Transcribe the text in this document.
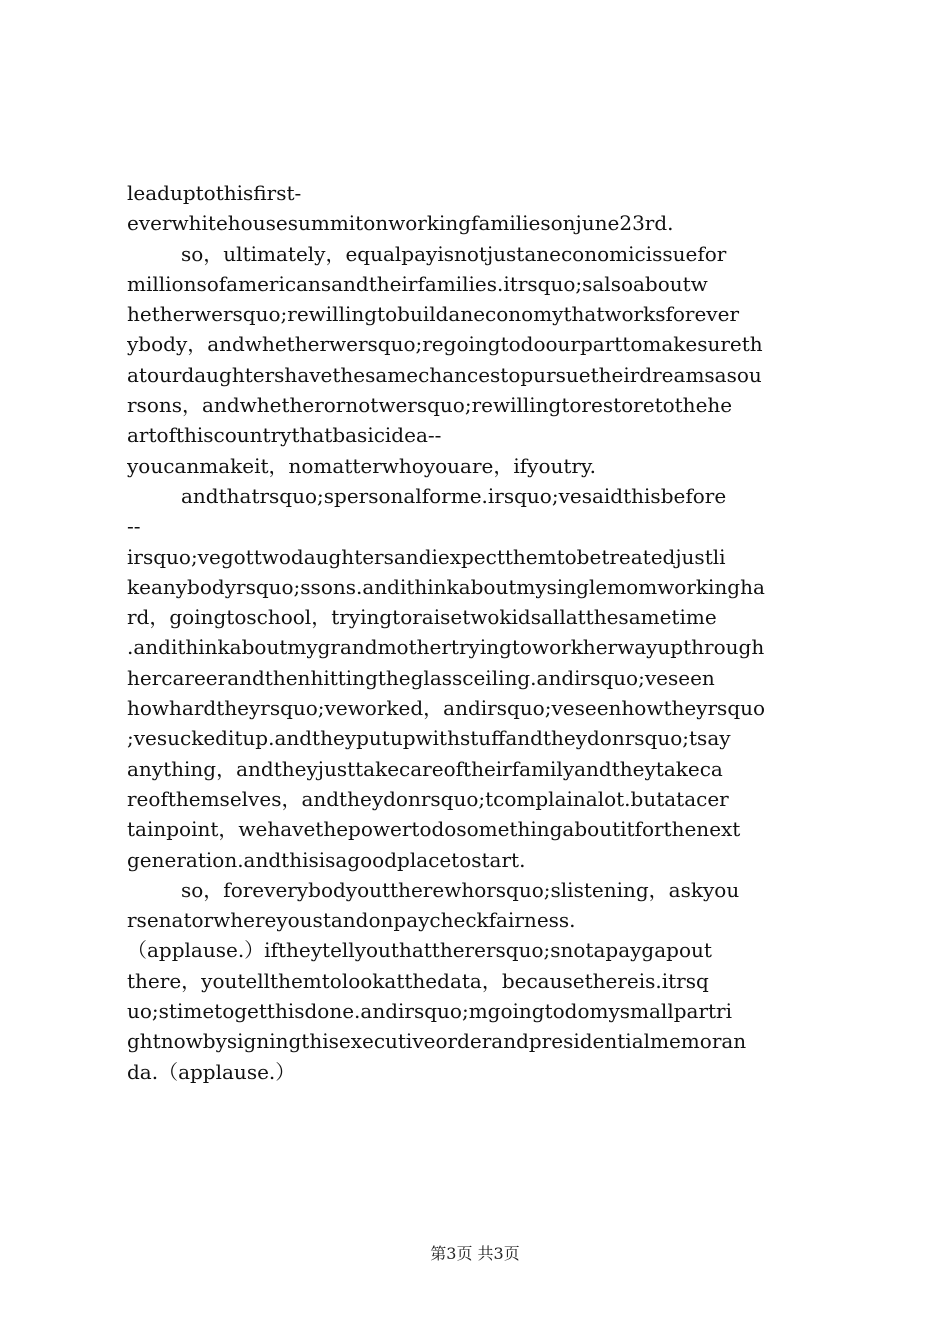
leaduptothisfirst-
everwhitehousesummitonworkingfamiliesonjune23rd.
so，ultimately，equalpayisnotjustaneconomicissuefor
millionsofamericansandtheirfamilies.itrsquo;salsoaboutw
hetherwersquo;rewillingtobuildaneconomythatworksforever
ybody，andwhetherwersquo;regoingtodoourparttomakesureth
atourdaughtershavethesamechancestopursuetheirdreamsasou
rsons，andwhetherornotwersquo;rewillingtorestoretothehe
artofthiscountrythatbasicidea--
youcanmakeit，nomatterwhoyouare，ifyoutry.
andthatrsquo;spersonalforme.irsquo;vesaidthisbefore
--
irsquo;vegottwodaughtersandiexpectthemtobetreatedjustli
keanybodyrsquo;ssons.andithinkaboutmysinglemomworkingha
rd，goingtoschool，tryingtoraisetwokidsallatthesametime
.andithinkaboutmygrandmothertryingtoworkherwayupthrough
hercareerandthenhittingtheglassceiling.andirsquo;veseen
howhardtheyrsquo;veworked，andirsquo;veseenhowtheyrsquo
;vesuckeditup.andtheyputupwithstuffandtheydonrsquo;tsay
anything，andtheyjusttakecareoftheirfamilyandtheytakeca
reofthemselves，andtheydonrsquo;tcomplainalot.butatacer
tainpoint，wehavethepowertodosomethingaboutitforthenext
generation.andthisisagoodplacetostart.
so，foreverybodyouttherewhorsquo;slistening，askyou
rsenatorwhereyoustandonpaycheckfairness.
（applause.）iftheytellyouthattherersquo;snotapaygapout
there，youtellthemtolookatthedata，becausethereis.itrsq
uo;stimetogetthisdone.andirsquo;mgoingtodomysmallpartri
ghtnowbysigningthisexecutiveorderandpresidentialmemoran
da.（applause.）
第3页 共3页
